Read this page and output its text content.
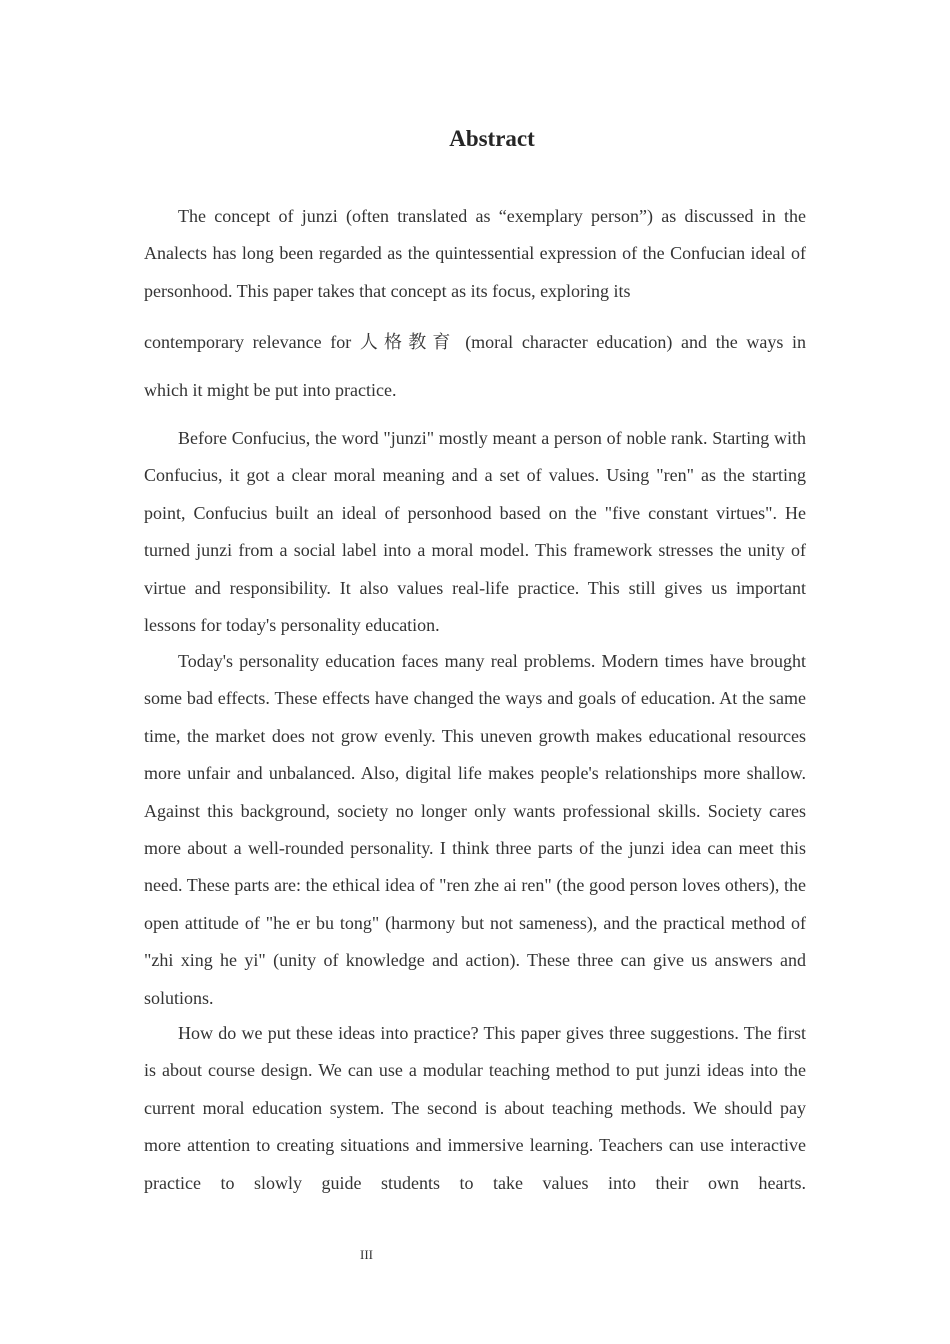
Abstract

The concept of junzi (often translated as “exemplary person”) as discussed in the Analects has long been regarded as the quintessential expression of the Confucian ideal of personhood. This paper takes that concept as its focus, exploring its

contemporary relevance for 人格教育 (moral character education) and the ways in
which it might be put into practice.

Before Confucius, the word "junzi" mostly meant a person of noble rank. Starting with Confucius, it got a clear moral meaning and a set of values. Using "ren" as the starting point, Confucius built an ideal of personhood based on the "five constant virtues". He turned junzi from a social label into a moral model. This framework stresses the unity of virtue and responsibility. It also values real-life practice. This still gives us important lessons for today's personality education.

Today's personality education faces many real problems. Modern times have brought some bad effects. These effects have changed the ways and goals of education. At the same time, the market does not grow evenly. This uneven growth makes educational resources more unfair and unbalanced. Also, digital life makes people's relationships more shallow. Against this background, society no longer only wants professional skills. Society cares more about a well-rounded personality. I think three parts of the junzi idea can meet this need. These parts are: the ethical idea of "ren zhe ai ren" (the good person loves others), the open attitude of "he er bu tong" (harmony but not sameness), and the practical method of "zhi xing he yi" (unity of knowledge and action). These three can give us answers and solutions.

How do we put these ideas into practice? This paper gives three suggestions. The first is about course design. We can use a modular teaching method to put junzi ideas into the current moral education system. The second is about teaching methods. We should pay more attention to creating situations and immersive learning. Teachers can use interactive practice to slowly guide students to take values into their own hearts.

III
